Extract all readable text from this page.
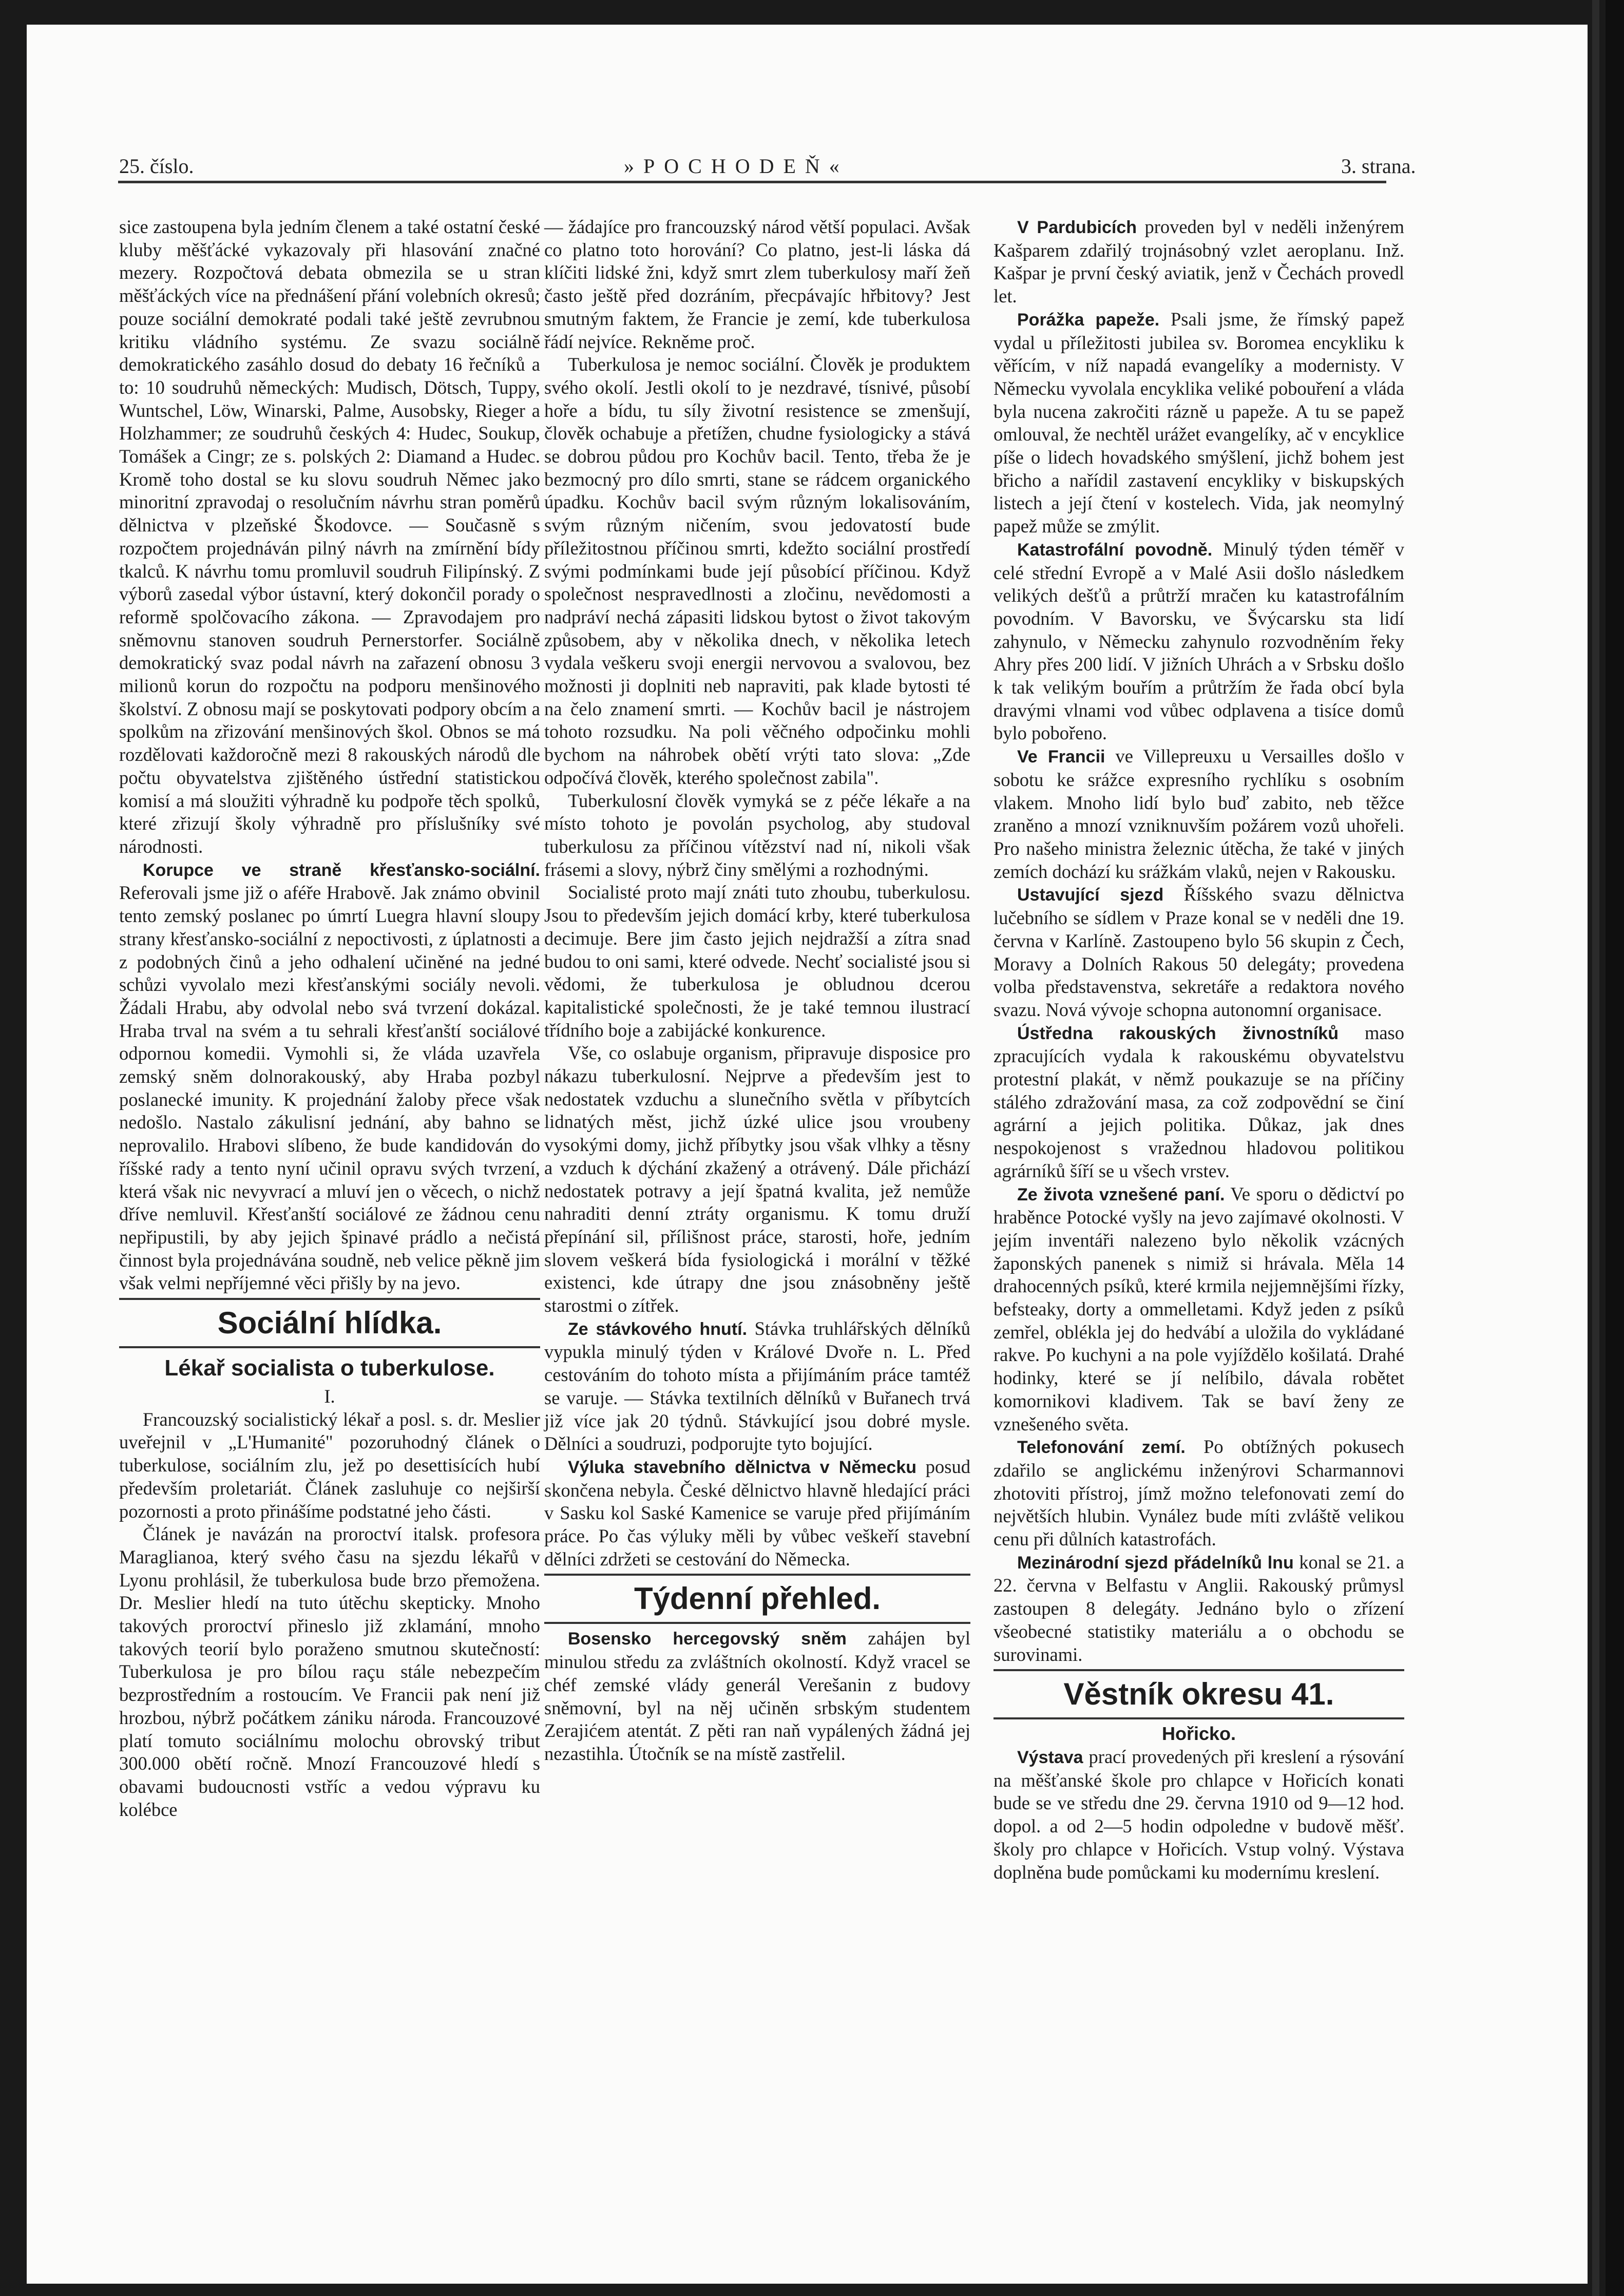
25. číslo.	»POCHODEŇ«	3. strana.

sice zastoupena byla jedním členem a také ostatní české kluby měšťácké vykazovaly při hlasování značné mezery. Rozpočtová debata obmezila se u stran měšťáckých více na přednášení přání volebních okresů; pouze sociální demokraté podali také ještě zevrubnou kritiku vládního systému. Ze svazu sociálně demokratického zasáhlo dosud do debaty 16 řečníků a to: 10 soudruhů německých: Mudisch, Dötsch, Tuppy, Wuntschel, Löw, Winarski, Palme, Ausobsky, Rieger a Holzhammer; ze soudruhů českých 4: Hudec, Soukup, Tomášek a Cingr; ze s. polských 2: Diamand a Hudec. Kromě toho dostal se ku slovu soudruh Němec jako minoritní zpravodaj o resolučním návrhu stran poměrů dělnictva v plzeňské Škodovce. — Současně s rozpočtem projednáván pilný návrh na zmírnění bídy tkalců. K návrhu tomu promluvil soudruh Filipínský. Z výborů zasedal výbor ústavní, který dokončil porady o reformě spolčovacího zákona. — Zpravodajem pro sněmovnu stanoven soudruh Pernerstorfer. Sociálně demokratický svaz podal návrh na zařazení obnosu 3 milionů korun do rozpočtu na podporu menšinového školství. Z obnosu mají se poskytovati podpory obcím a spolkům na zřizování menšinových škol. Obnos se má rozdělovati každoročně mezi 8 rakouských národů dle počtu obyvatelstva zjištěného ústřední statistickou komisí a má sloužiti výhradně ku podpoře těch spolků, které zřizují školy výhradně pro příslušníky své národnosti.

Korupce ve straně křesťansko-sociální. Referovali jsme již o aféře Hrabově. Jak známo obvinil tento zemský poslanec po úmrtí Luegra hlavní sloupy strany křesťansko-sociální z nepoctivosti, z úplatnosti a z podobných činů a jeho odhalení učiněné na jedné schůzi vyvolalo mezi křesťanskými sociály nevoli. Žádali Hrabu, aby odvolal nebo svá tvrzení dokázal. Hraba trval na svém a tu sehrali křesťanští sociálové odpornou komedii. Vymohli si, že vláda uzavřela zemský sněm dolnorakouský, aby Hraba pozbyl poslanecké imunity. K projednání žaloby přece však nedošlo. Nastalo zákulisní jednání, aby bahno se neprovalilo. Hrabovi slíbeno, že bude kandidován do říšské rady a tento nyní učinil opravu svých tvrzení, která však nic nevyvrací a mluví jen o věcech, o nichž dříve nemluvil. Křesťanští sociálové ze žádnou cenu nepřipustili, by aby jejich špinavé prádlo a nečistá činnost byla projednávána soudně, neb velice pěkně jim však velmi nepříjemné věci přišly by na jevo.

Sociální hlídka.
Lékař socialista o tuberkulose.

I.

Francouzský socialistický lékař a posl. s. dr. Meslier uveřejnil v „L'Humanité" pozoruhodný článek o tuberkulose, sociálním zlu, jež po desettisících hubí především proletariát. Článek zasluhuje co nejširší pozornosti a proto přinášíme podstatné jeho části.

Článek je navázán na proroctví italsk. profesora Maraglianoa, který svého času na sjezdu lékařů v Lyonu prohlásil, že tuberkulosa bude brzo přemožena. Dr. Meslier hledí na tuto útěchu skepticky. Mnoho takových proroctví přineslo již zklamání, mnoho takových teorií bylo poraženo smutnou skutečností: Tuberkulosa je pro bílou raçu stále nebezpečím bezprostředním a rostoucím. Ve Francii pak není již hrozbou, nýbrž počátkem zániku národa. Francouzové platí tomuto sociálnímu molochu obrovský tribut 300.000 obětí ročně. Mnozí Francouzové hledí s obavami budoucnosti vstříc a vedou výpravu ku kolébce

— žádajíce pro francouzský národ větší populaci. Avšak co platno toto horování? Co platno, jest-li láska dá klíčiti lidské žni, když smrt zlem tuberkulosy maří žeň často ještě před dozráním, přecpávajíc hřbitovy? Jest smutným faktem, že Francie je zemí, kde tuberkulosa řádí nejvíce. Rekněme proč.

Tuberkulosa je nemoc sociální. Člověk je produktem svého okolí. Jestli okolí to je nezdravé, tísnivé, působí hoře a bídu, tu síly životní resistence se zmenšují, člověk ochabuje a přetížen, chudne fysiologicky a stává se dobrou půdou pro Kochův bacil. Tento, třeba že je bezmocný pro dílo smrti, stane se rádcem organického úpadku. Kochův bacil svým různým lokalisováním, svým různým ničením, svou jedovatostí bude příležitostnou příčinou smrti, kdežto sociální prostředí svými podmínkami bude její působící příčinou. Když společnost nespravedlnosti a zločinu, nevědomosti a nadpráví nechá zápasiti lidskou bytost o život takovým způsobem, aby v několika dnech, v několika letech vydala veškeru svoji energii nervovou a svalovou, bez možnosti ji doplniti neb napraviti, pak klade bytosti té na čelo znamení smrti. — Kochův bacil je nástrojem tohoto rozsudku. Na poli věčného odpočinku mohli bychom na náhrobek obětí vrýti tato slova: „Zde odpočívá člověk, kterého společnost zabila".

Tuberkulosní člověk vymyká se z péče lékaře a na místo tohoto je povolán psycholog, aby studoval tuberkulosu za příčinou vítězství nad ní, nikoli však frásemi a slovy, nýbrž činy smělými a rozhodnými.

Socialisté proto mají znáti tuto zhoubu, tuberkulosu. Jsou to především jejich domácí krby, které tuberkulosa decimuje. Bere jim často jejich nejdražší a zítra snad budou to oni sami, které odvede. Nechť socialisté jsou si vědomi, že tuberkulosa je obludnou dcerou kapitalistické společnosti, že je také temnou ilustrací třídního boje a zabijácké konkurence.

Vše, co oslabuje organism, připravuje disposice pro nákazu tuberkulosní. Nejprve a především jest to nedostatek vzduchu a slunečního světla v příbytcích lidnatých měst, jichž úzké ulice jsou vroubeny vysokými domy, jichž příbytky jsou však vlhky a těsny a vzduch k dýchání zkažený a otrávený. Dále přichází nedostatek potravy a její špatná kvalita, jež nemůže nahraditi denní ztráty organismu. K tomu druží přepínání sil, přílišnost práce, starosti, hoře, jedním slovem veškerá bída fysiologická i morální v těžké existenci, kde útrapy dne jsou znásobněny ještě starostmi o zítřek.

Ze stávkového hnutí. Stávka truhlářských dělníků vypukla minulý týden v Králové Dvoře n. L. Před cestováním do tohoto místa a přijímáním práce tamtéž se varuje. — Stávka textilních dělníků v Buřanech trvá již více jak 20 týdnů. Stávkující jsou dobré mysle. Dělníci a soudruzi, podporujte tyto bojující.

Výluka stavebního dělnictva v Německu posud skončena nebyla. České dělnictvo hlavně hledající práci v Sasku kol Saské Kamenice se varuje před přijímáním práce. Po čas výluky měli by vůbec veškeří stavební dělníci zdržeti se cestování do Německa.

Týdenní přehled.

Bosensko hercegovský sněm zahájen byl minulou středu za zvláštních okolností. Když vracel se chéf zemské vlády generál Verešanin z budovy sněmovní, byl na něj učiněn srbským studentem Zerajićem atentát. Z pěti ran naň vypálených žádná jej nezastihla. Útočník se na místě zastřelil.

V Pardubicích proveden byl v neděli inženýrem Kašparem zdařilý trojnásobný vzlet aeroplanu. Inž. Kašpar je první český aviatik, jenž v Čechách provedl let.

Porážka papeže. Psali jsme, že římský papež vydal u příležitosti jubilea sv. Boromea encykliku k věřícím, v níž napadá evangelíky a modernisty. V Německu vyvolala encyklika veliké pobouření a vláda byla nucena zakročiti rázně u papeže. A tu se papež omlouval, že nechtěl urážet evangelíky, ač v encyklice píše o lidech hovadského smýšlení, jichž bohem jest břicho a nařídil zastavení encykliky v biskupských listech a její čtení v kostelech. Vida, jak neomylný papež může se zmýlit.

Katastrofální povodně. Minulý týden téměř v celé střední Evropě a v Malé Asii došlo následkem velikých dešťů a průtrží mračen ku katastrofálním povodním. V Bavorsku, ve Švýcarsku sta lidí zahynulo, v Německu zahynulo rozvodněním řeky Ahry přes 200 lidí. V jižních Uhrách a v Srbsku došlo k tak velikým bouřím a průtržím že řada obcí byla dravými vlnami vod vůbec odplavena a tisíce domů bylo pobořeno.

Ve Francii ve Villepreuxu u Versailles došlo v sobotu ke srážce expresního rychlíku s osobním vlakem. Mnoho lidí bylo buď zabito, neb těžce zraněno a mnozí vzniknuvším požárem vozů uhořeli. Pro našeho ministra železnic útěcha, že také v jiných zemích dochází ku srážkám vlaků, nejen v Rakousku.

Ustavující sjezd Říšského svazu dělnictva lučebního se sídlem v Praze konal se v neděli dne 19. června v Karlíně. Zastoupeno bylo 56 skupin z Čech, Moravy a Dolních Rakous 50 delegáty; provedena volba představenstva, sekretáře a redaktora nového svazu. Nová vývoje schopna autonomní organisace.

Ústředna rakouských živnostníků maso zpracujících vydala k rakouskému obyvatelstvu protestní plakát, v němž poukazuje se na příčiny stálého zdražování masa, za což zodpovědní se činí agrární a jejich politika. Důkaz, jak dnes nespokojenost s vražednou hladovou politikou agrárníků šíří se u všech vrstev.

Ze života vznešené paní. Ve sporu o dědictví po hraběnce Potocké vyšly na jevo zajímavé okolnosti. V jejím inventáři nalezeno bylo několik vzácných žaponských panenek s nimiž si hrávala. Měla 14 drahocenných psíků, které krmila nejjemnějšími řízky, befsteaky, dorty a ommelletami. Když jeden z psíků zemřel, oblékla jej do hedvábí a uložila do vykládané rakve. Po kuchyni a na pole vyjíždělo košilatá. Drahé hodinky, které se jí nelíbilo, dávala robětet komornikovi kladivem. Tak se baví ženy ze vznešeného světa.

Telefonování zemí. Po obtížných pokusech zdařilo se anglickému inženýrovi Scharmannovi zhotoviti přístroj, jímž možno telefonovati zemí do největších hlubin. Vynález bude míti zvláště velikou cenu při důlních katastrofách.

Mezinárodní sjezd přádelníků lnu konal se 21. a 22. června v Belfastu v Anglii. Rakouský průmysl zastoupen 8 delegáty. Jednáno bylo o zřízení všeobecné statistiky materiálu a o obchodu se surovinami.

Věstník okresu 41.
Hořicko.

Výstava prací provedených při kreslení a rýsování na měšťanské škole pro chlapce v Hořicích konati bude se ve středu dne 29. června 1910 od 9—12 hod. dopol. a od 2—5 hodin odpoledne v budově měšť. školy pro chlapce v Hořicích. Vstup volný. Výstava doplněna bude pomůckami ku modernímu kreslení.
